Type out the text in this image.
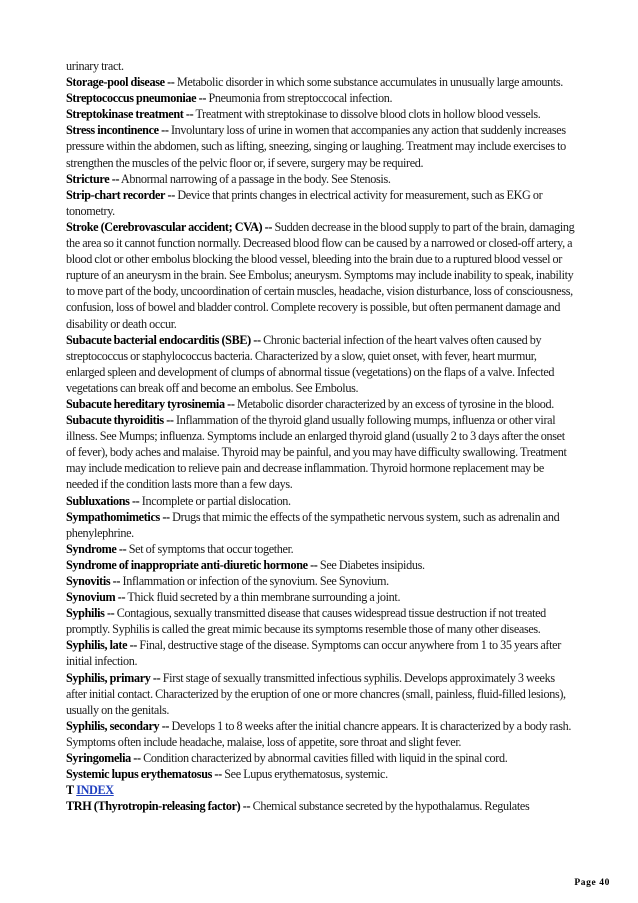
urinary tract.

Storage-pool disease -- Metabolic disorder in which some substance accumulates in unusually large amounts.

Streptococcus pneumoniae -- Pneumonia from streptoccocal infection.

Streptokinase treatment -- Treatment with streptokinase to dissolve blood clots in hollow blood vessels.

Stress incontinence -- Involuntary loss of urine in women that accompanies any action that suddenly increases pressure within the abdomen, such as lifting, sneezing, singing or laughing. Treatment may include exercises to strengthen the muscles of the pelvic floor or, if severe, surgery may be required.

Stricture -- Abnormal narrowing of a passage in the body. See Stenosis.

Strip-chart recorder -- Device that prints changes in electrical activity for measurement, such as EKG or tonometry.

Stroke (Cerebrovascular accident; CVA) -- Sudden decrease in the blood supply to part of the brain, damaging the area so it cannot function normally. Decreased blood flow can be caused by a narrowed or closed-off artery, a blood clot or other embolus blocking the blood vessel, bleeding into the brain due to a ruptured blood vessel or rupture of an aneurysm in the brain. See Embolus; aneurysm. Symptoms may include inability to speak, inability to move part of the body, uncoordination of certain muscles, headache, vision disturbance, loss of consciousness, confusion, loss of bowel and bladder control. Complete recovery is possible, but often permanent damage and disability or death occur.

Subacute bacterial endocarditis (SBE) -- Chronic bacterial infection of the heart valves often caused by streptococcus or staphylococcus bacteria. Characterized by a slow, quiet onset, with fever, heart murmur, enlarged spleen and development of clumps of abnormal tissue (vegetations) on the flaps of a valve. Infected vegetations can break off and become an embolus. See Embolus.

Subacute hereditary tyrosinemia -- Metabolic disorder characterized by an excess of tyrosine in the blood.

Subacute thyroiditis -- Inflammation of the thyroid gland usually following mumps, influenza or other viral illness. See Mumps; influenza. Symptoms include an enlarged thyroid gland (usually 2 to 3 days after the onset of fever), body aches and malaise. Thyroid may be painful, and you may have difficulty swallowing. Treatment may include medication to relieve pain and decrease inflammation. Thyroid hormone replacement may be needed if the condition lasts more than a few days.

Subluxations -- Incomplete or partial dislocation.

Sympathomimetics -- Drugs that mimic the effects of the sympathetic nervous system, such as adrenalin and phenylephrine.

Syndrome -- Set of symptoms that occur together.

Syndrome of inappropriate anti-diuretic hormone -- See Diabetes insipidus.

Synovitis -- Inflammation or infection of the synovium. See Synovium.

Synovium -- Thick fluid secreted by a thin membrane surrounding a joint.

Syphilis -- Contagious, sexually transmitted disease that causes widespread tissue destruction if not treated promptly. Syphilis is called the great mimic because its symptoms resemble those of many other diseases.

Syphilis, late -- Final, destructive stage of the disease. Symptoms can occur anywhere from 1 to 35 years after initial infection.

Syphilis, primary -- First stage of sexually transmitted infectious syphilis. Develops approximately 3 weeks after initial contact. Characterized by the eruption of one or more chancres (small, painless, fluid-filled lesions), usually on the genitals.

Syphilis, secondary -- Develops 1 to 8 weeks after the initial chancre appears. It is characterized by a body rash. Symptoms often include headache, malaise, loss of appetite, sore throat and slight fever.

Syringomelia -- Condition characterized by abnormal cavities filled with liquid in the spinal cord.

Systemic lupus erythematosus -- See Lupus erythematosus, systemic.

T INDEX

TRH (Thyrotropin-releasing factor) -- Chemical substance secreted by the hypothalamus. Regulates

Page 40
